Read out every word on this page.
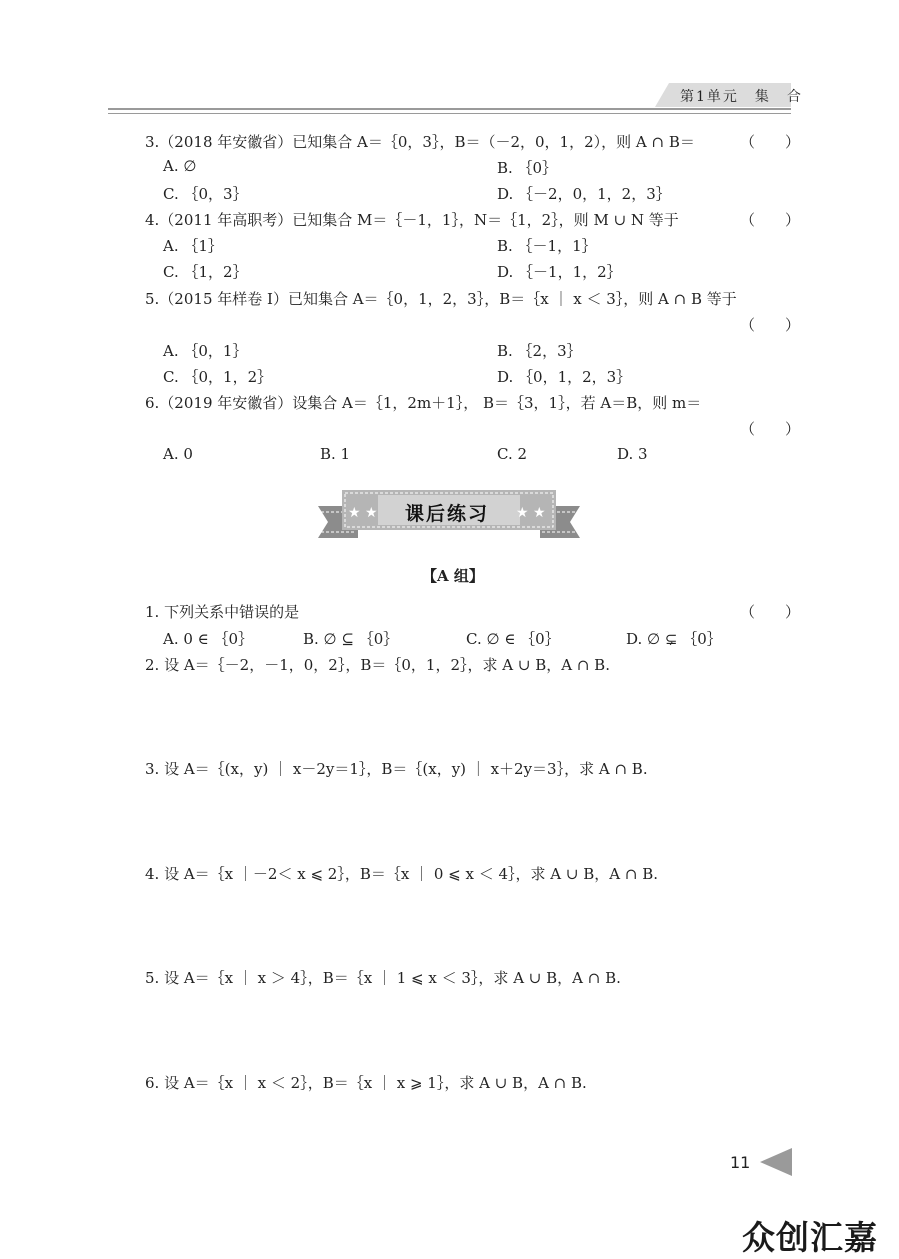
第1单元　集　合
3.（2018 年安徽省）已知集合 A＝｛0，3｝，B＝（－2，0，1，2），则 A ∩ B＝	（　　）
A. ∅	B. ｛0｝
C. ｛0，3｝	D. ｛－2，0，1，2，3｝
4.（2011 年高职考）已知集合 M＝｛－1，1｝，N＝｛1，2｝，则 M ∪ N 等于	（　　）
A. ｛1｝	B. ｛－1，1｝
C. ｛1，2｝	D. ｛－1，1，2｝
5.（2015 年样卷 Ⅰ）已知集合 A＝｛0，1，2，3｝，B＝｛x ｜ x ＜ 3｝，则 A ∩ B 等于
（　　）
A. ｛0，1｝	B. ｛2，3｝
C. ｛0，1，2｝	D. ｛0，1，2，3｝
6.（2019 年安徽省）设集合 A＝｛1，2m＋1｝， B＝｛3，1｝，若 A＝B，则 m＝
（　　）
A. 0	B. 1	C. 2	D. 3
★ ★	★ ★
课后练习
【A 组】
1. 下列关系中错误的是	（　　）
A. 0 ∈ ｛0｝	B. ∅ ⊆ ｛0｝	C. ∅ ∈ ｛0｝	D. ∅ ⊊ ｛0｝
2. 设 A＝｛－2，－1，0，2｝，B＝｛0，1，2｝，求 A ∪ B，A ∩ B.
3. 设 A＝｛(x，y) ｜ x－2y＝1｝，B＝｛(x，y) ｜ x＋2y＝3｝，求 A ∩ B.
4. 设 A＝｛x ｜－2＜ x ⩽ 2｝，B＝｛x ｜ 0 ⩽ x ＜ 4｝，求 A ∪ B，A ∩ B.
5. 设 A＝｛x ｜ x ＞ 4｝，B＝｛x ｜ 1 ⩽ x ＜ 3｝，求 A ∪ B，A ∩ B.
6. 设 A＝｛x ｜ x ＜ 2｝，B＝｛x ｜ x ⩾ 1｝，求 A ∪ B，A ∩ B.
11
众创汇嘉
